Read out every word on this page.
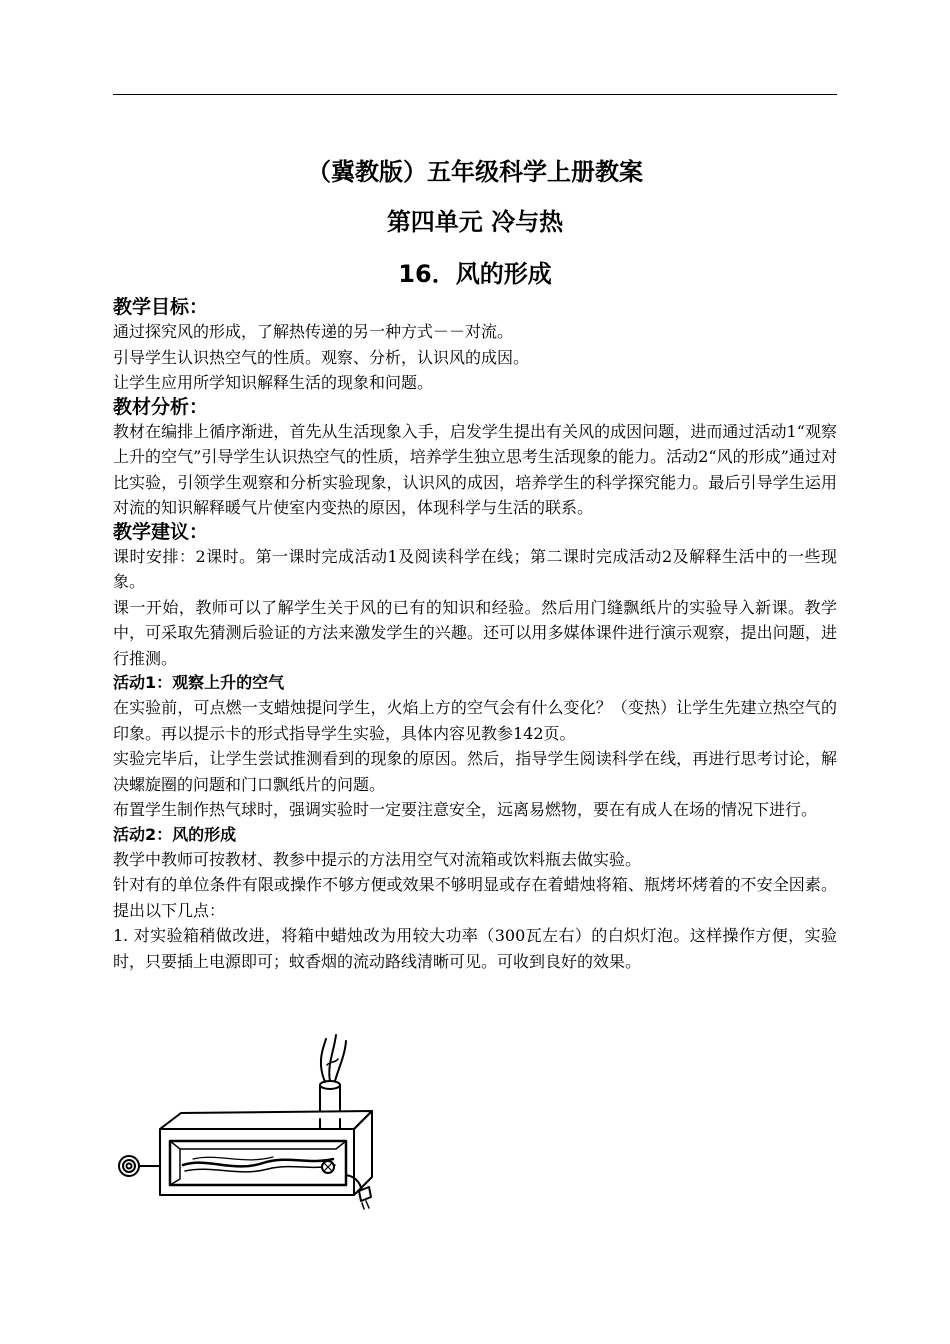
（冀教版）五年级科学上册教案
第四单元 冷与热
16．风的形成
教学目标：

通过探究风的形成，了解热传递的另一种方式－－对流。

引导学生认识热空气的性质。观察、分析，认识风的成因。

让学生应用所学知识解释生活的现象和问题。

教材分析：

教材在编排上循序渐进，首先从生活现象入手，启发学生提出有关风的成因问题，进而通过活动1“观察上升的空气”引导学生认识热空气的性质，培养学生独立思考生活现象的能力。活动2“风的形成”通过对比实验，引领学生观察和分析实验现象，认识风的成因，培养学生的科学探究能力。最后引导学生运用对流的知识解释暖气片使室内变热的原因，体现科学与生活的联系。

教学建议：

课时安排：2课时。第一课时完成活动1及阅读科学在线；第二课时完成活动2及解释生活中的一些现象。

课一开始，教师可以了解学生关于风的已有的知识和经验。然后用门缝飘纸片的实验导入新课。教学中，可采取先猜测后验证的方法来激发学生的兴趣。还可以用多媒体课件进行演示观察，提出问题，进行推测。

活动1：观察上升的空气

在实验前，可点燃一支蜡烛提问学生，火焰上方的空气会有什么变化？（变热）让学生先建立热空气的印象。再以提示卡的形式指导学生实验，具体内容见教参142页。

实验完毕后，让学生尝试推测看到的现象的原因。然后，指导学生阅读科学在线，再进行思考讨论，解决螺旋圈的问题和门口飘纸片的问题。

布置学生制作热气球时，强调实验时一定要注意安全，远离易燃物，要在有成人在场的情况下进行。

活动2：风的形成

教学中教师可按教材、教参中提示的方法用空气对流箱或饮料瓶去做实验。

针对有的单位条件有限或操作不够方便或效果不够明显或存在着蜡烛将箱、瓶烤坏烤着的不安全因素。提出以下几点：

1. 对实验箱稍做改进，将箱中蜡烛改为用较大功率（300瓦左右）的白炽灯泡。这样操作方便，实验时，只要插上电源即可；蚊香烟的流动路线清晰可见。可收到良好的效果。
